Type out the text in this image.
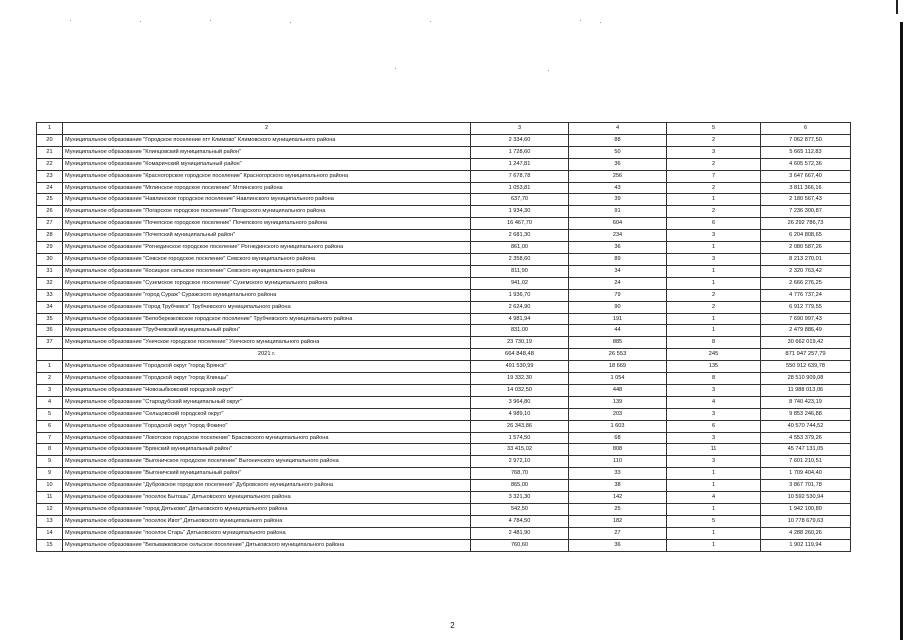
1	2	3	4	5	6
20	Муниципальное образование "Городское поселение пгт Климово" Климовского муниципального района	2 334,60	88	2	7 062 877,50
21	Муниципальное образование "Клинцовский муниципальный район"	1 728,60	50	3	5 665 112,83
22	Муниципальное образование "Комаричский муниципальный район"	1 247,81	36	2	4 605 572,36
23	Муниципальное образование "Красногорское городское поселение" Красногорского муниципального района	7 678,78	256	7	3 647 667,40
24	Муниципальное образование "Мглинское городское поселение" Мглинского района	1 053,81	43	2	3 811 366,16
25	Муниципальное образование "Навлинское городское поселение" Навлинского муниципального района	637,70	39	1	2 180 567,43
26	Муниципальное образование "Погарское городское поселение" Погарского муниципального района	1 934,30	91	2	7 236 300,87
27	Муниципальное образование "Почепское городское поселение" Почепского муниципального района	16 467,70	604	6	26 292 786,73
28	Муниципальное образование "Почепский муниципальный район"	2 681,30	234	3	6 204 808,65
29	Муниципальное образование "Рогнединское городское поселение" Рогнединского муниципального района	861,00	36	1	2 080 587,26
30	Муниципальное образование "Севское городское поселение" Севского муниципального района	2 358,60	89	3	8 213 270,01
31	Муниципальное образование "Косицкое сельское поселение" Севского муниципального района	811,90	34	1	2 320 763,42
32	Муниципальное образование "Суземское городское поселение" Суземского муниципального района	941,02	24	1	2 666 276,25
33	Муниципальное образование "город Сураж" Суражского муниципального района	1 936,70	79	2	4 776 737,24
34	Муниципальное образование "Город Трубчевск" Трубчевского муниципального района	2 624,90	90	2	6 912 779,55
35	Муниципальное образование "Белоберезковское городское поселение" Трубчевского муниципального района	4 981,94	191	1	7 690 997,43
36	Муниципальное образование "Трубчевский муниципальный район"	831,00	44	1	2 479 886,49
37	Муниципальное образование "Унечское городское поселение" Унечского муниципального района	23 730,19	885	8	30 662 019,42
	2021 г.	664 848,48	26 553	245	871 947 257,79
1	Муниципальное образование "Городской округ "город Брянск"	491 530,99	18 669	135	550 912 639,78
2	Муниципальное образование "Городской округ "город Клинцы"	19 332,30	1 054	8	28 510 909,08
3	Муниципальное образование "Новозыбковский городской округ"	14 032,50	448	3	11 988 013,06
4	Муниципальное образование "Стародубский муниципальный округ"	3 964,80	139	4	8 740 423,19
5	Муниципальное образование "Сельцовский городской округ"	4 989,10	203	3	9 853 246,88
6	Муниципальное образование "Городской округ "город Фокино"	26 343,86	1 603	6	40 570 744,52
7	Муниципальное образование "Локотское городское поселение" Брасовского муниципального района	1 574,50	68	3	4 553 379,26
8	Муниципальное образование "Брянский муниципальный район"	33 415,02	808	11	45 747 131,05
9	Муниципальное образование "Выгоничское городское поселение" Выгоничского муниципального района	2 972,10	110	3	7 601 210,51
9	Муниципальное образование "Выгоничский муниципальный район"	768,70	33	1	1 709 404,40
10	Муниципальное образование "Дубровское городское поселение" Дубровского муниципального района	865,00	38	1	3 867 701,78
11	Муниципальное образование "поселок Бытошь" Дятьковского муниципального района	3 321,30	142	4	10 592 530,94
12	Муниципальное образование "город Дятьково" Дятьковского муниципального района	542,50	25	1	1 942 100,80
13	Муниципальное образование "поселок Ивот" Дятьковского муниципального района	4 784,50	182	5	10 778 679,63
14	Муниципальное образование "поселок Старь" Дятьковского муниципального района	2 481,90	27	1	4 288 260,26
15	Муниципальное образование "Бельважковское сельское поселение" Дятьковского муниципального района	760,60	36	1	1 902 119,94
2
